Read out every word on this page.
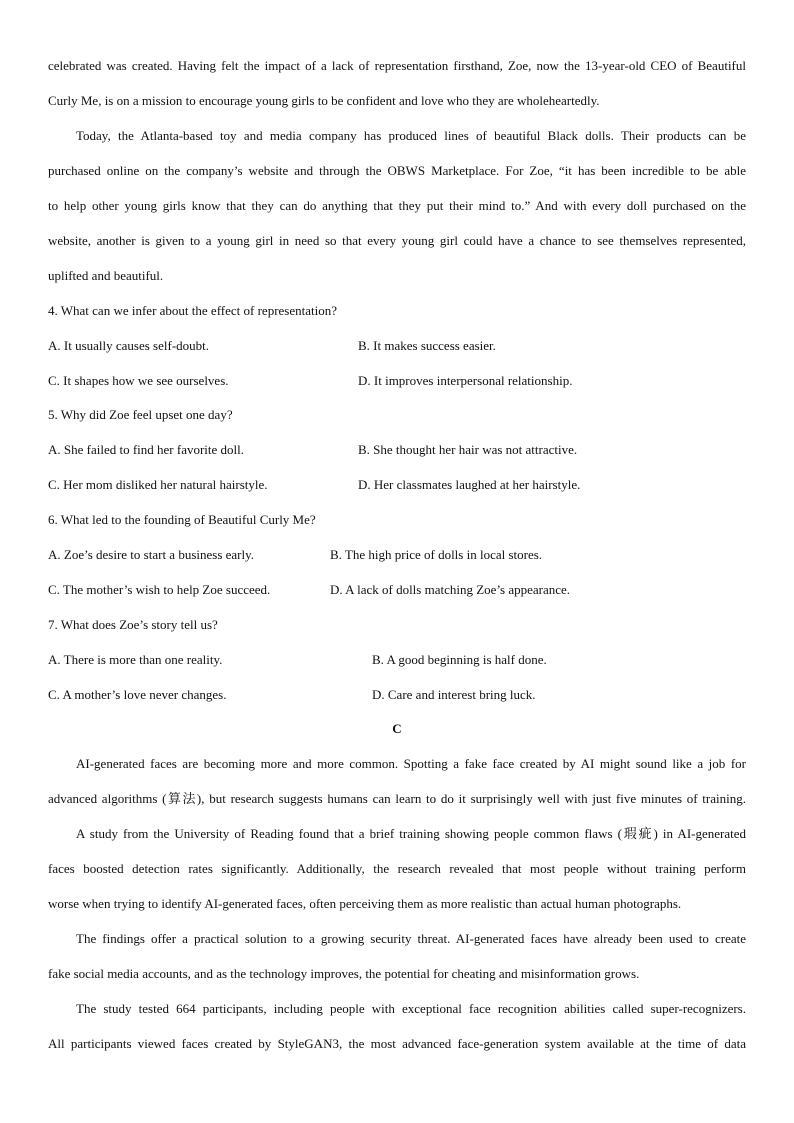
celebrated was created. Having felt the impact of a lack of representation firsthand, Zoe, now the 13-year-old CEO of Beautiful
Curly Me, is on a mission to encourage young girls to be confident and love who they are wholeheartedly.
Today, the Atlanta-based toy and media company has produced lines of beautiful Black dolls. Their products can be
purchased online on the company’s website and through the OBWS Marketplace. For Zoe, “it has been incredible to be able
to help other young girls know that they can do anything that they put their mind to.” And with every doll purchased on the
website, another is given to a young girl in need so that every young girl could have a chance to see themselves represented,
uplifted and beautiful.
4. What can we infer about the effect of representation?
A. It usually causes self-doubt.	B. It makes success easier.
C. It shapes how we see ourselves.	D. It improves interpersonal relationship.
5. Why did Zoe feel upset one day?
A. She failed to find her favorite doll.	B. She thought her hair was not attractive.
C. Her mom disliked her natural hairstyle.	D. Her classmates laughed at her hairstyle.
6. What led to the founding of Beautiful Curly Me?
A. Zoe’s desire to start a business early.	B. The high price of dolls in local stores.
C. The mother’s wish to help Zoe succeed.	D. A lack of dolls matching Zoe’s appearance.
7. What does Zoe’s story tell us?
A. There is more than one reality.	B. A good beginning is half done.
C. A mother’s love never changes.	D. Care and interest bring luck.
C
AI-generated faces are becoming more and more common. Spotting a fake face created by AI might sound like a job for
advanced algorithms (算法), but research suggests humans can learn to do it surprisingly well with just five minutes of training.
A study from the University of Reading found that a brief training showing people common flaws (瑕疵) in AI-generated
faces boosted detection rates significantly. Additionally, the research revealed that most people without training perform
worse when trying to identify AI-generated faces, often perceiving them as more realistic than actual human photographs.
The findings offer a practical solution to a growing security threat. AI-generated faces have already been used to create
fake social media accounts, and as the technology improves, the potential for cheating and misinformation grows.
The study tested 664 participants, including people with exceptional face recognition abilities called super-recognizers.
All participants viewed faces created by StyleGAN3, the most advanced face-generation system available at the time of data
